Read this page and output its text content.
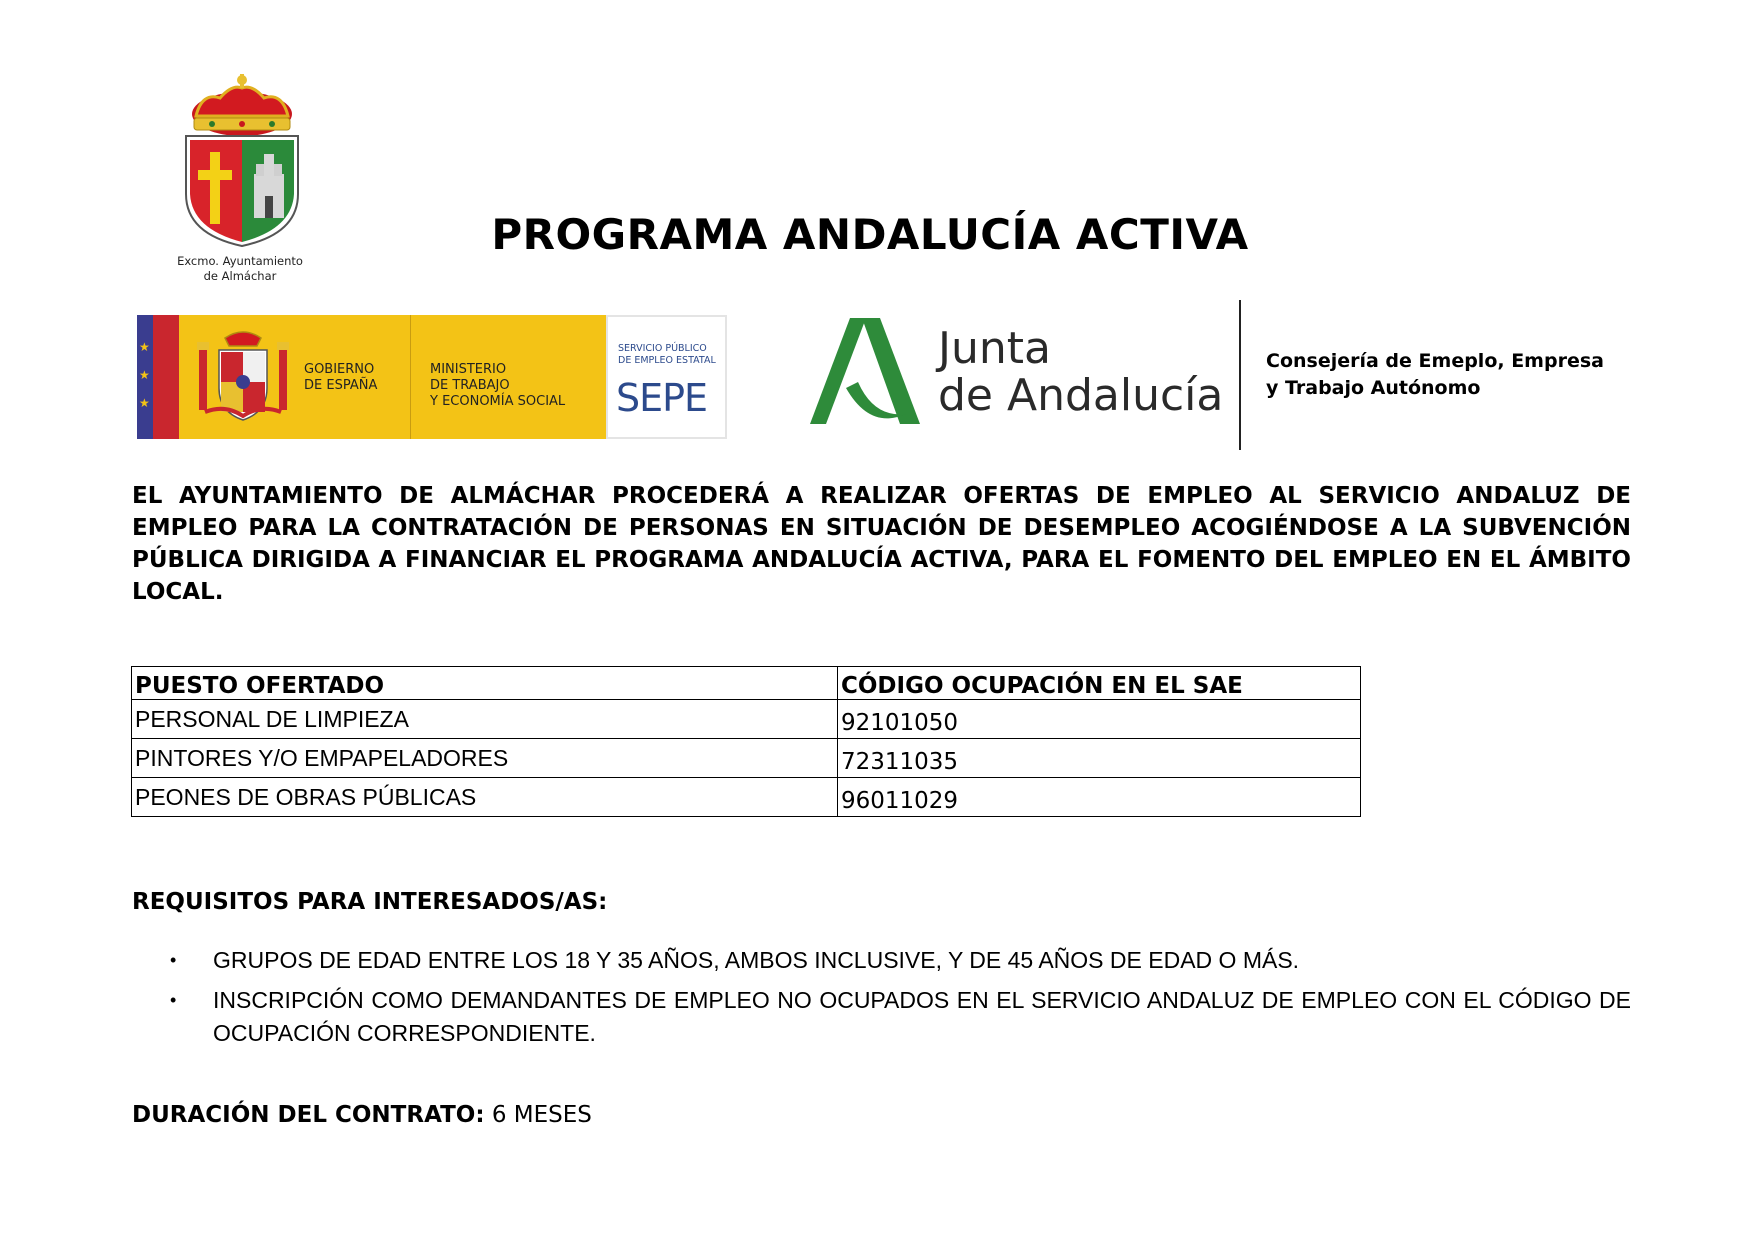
Excmo. Ayuntamiento
de Almáchar
PROGRAMA ANDALUCÍA ACTIVA
★
★
★
GOBIERNO
DE ESPAÑA
MINISTERIO
DE TRABAJO
Y ECONOMÍA SOCIAL
SERVICIO PÚBLICO
DE EMPLEO ESTATAL
SEPE
Junta
de Andalucía
Consejería de Emeplo, Empresa
y Trabajo Autónomo
EL AYUNTAMIENTO DE ALMÁCHAR PROCEDERÁ A REALIZAR OFERTAS DE EMPLEO AL SERVICIO ANDALUZ DE EMPLEO PARA LA CONTRATACIÓN DE PERSONAS EN SITUACIÓN DE DESEMPLEO ACOGIÉNDOSE A LA SUBVENCIÓN PÚBLICA DIRIGIDA A FINANCIAR EL PROGRAMA ANDALUCÍA ACTIVA, PARA EL FOMENTO DEL EMPLEO EN EL ÁMBITO LOCAL.
PUESTO OFERTADO	CÓDIGO OCUPACIÓN EN EL SAE

PERSONAL DE LIMPIEZA	92101050

PINTORES Y/O EMPAPELADORES	72311035

PEONES DE OBRAS PÚBLICAS	96011029
REQUISITOS PARA INTERESADOS/AS:
• GRUPOS DE EDAD ENTRE LOS 18 Y 35 AÑOS, AMBOS INCLUSIVE, Y DE 45 AÑOS DE EDAD O MÁS.
• INSCRIPCIÓN COMO DEMANDANTES DE EMPLEO NO OCUPADOS EN EL SERVICIO ANDALUZ DE EMPLEO CON EL CÓDIGO DE OCUPACIÓN CORRESPONDIENTE.
DURACIÓN DEL CONTRATO: 6 MESES
